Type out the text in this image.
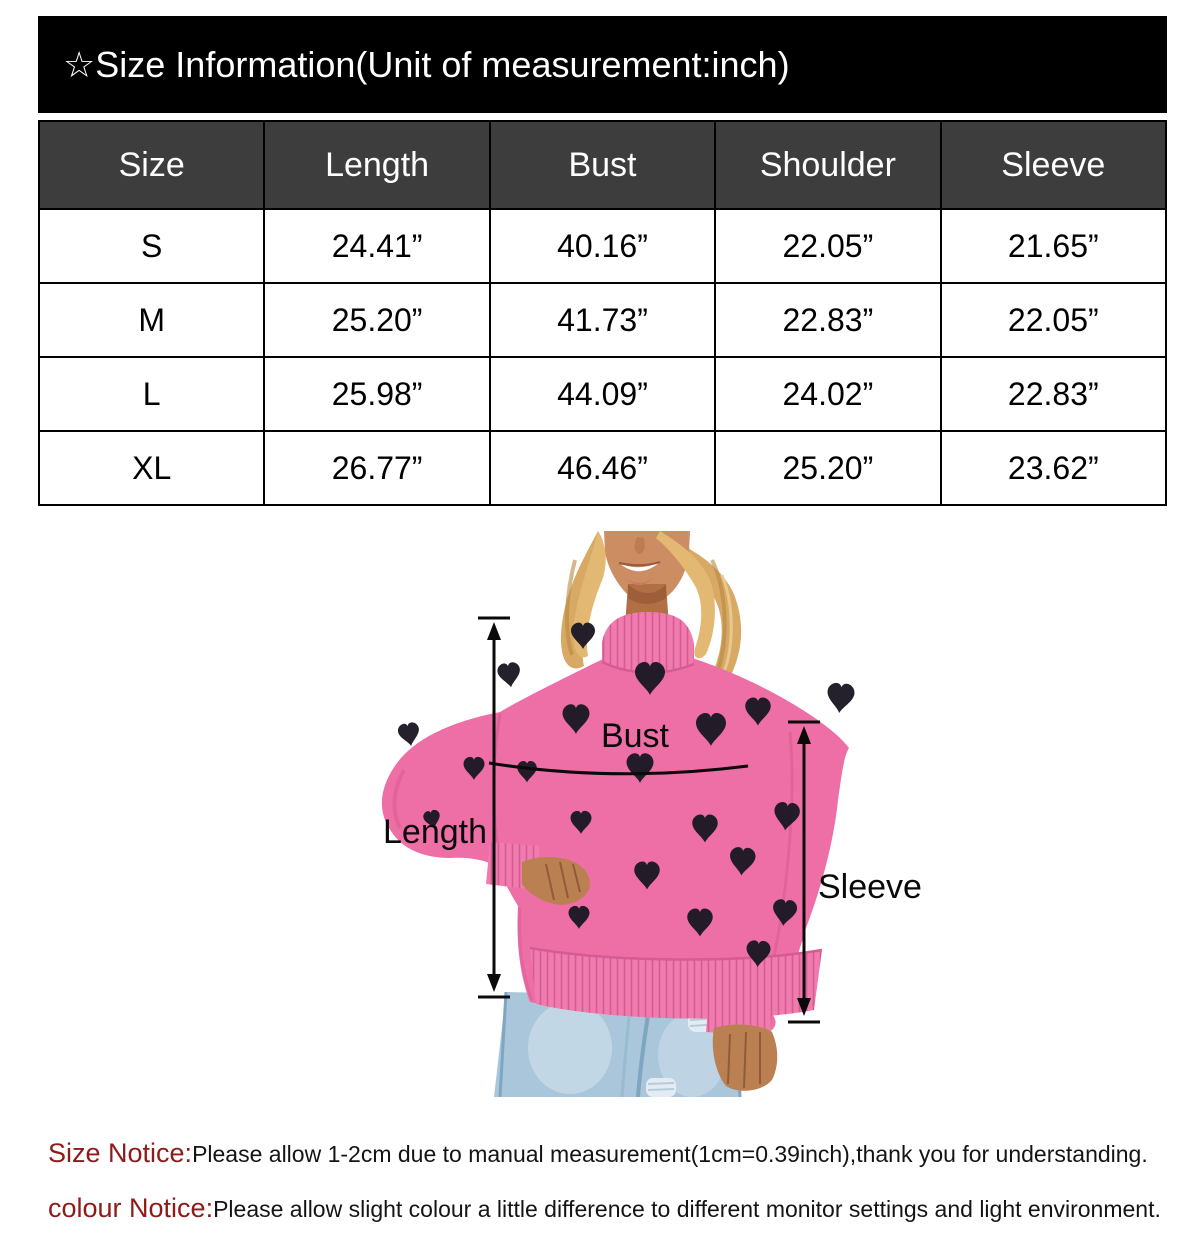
☆Size Information(Unit of measurement:inch)
Size	Length	Bust	Shoulder	Sleeve
S	24.41”	40.16”	22.05”	21.65”
M	25.20”	41.73”	22.83”	22.05”
L	25.98”	44.09”	24.02”	22.83”
XL	26.77”	46.46”	25.20”	23.62”
Length
Bust
Sleeve
Size Notice:Please allow 1-2cm due to manual measurement(1cm=0.39inch),thank you for understanding.
colour Notice:Please allow slight colour a little difference to different monitor settings and light environment.
